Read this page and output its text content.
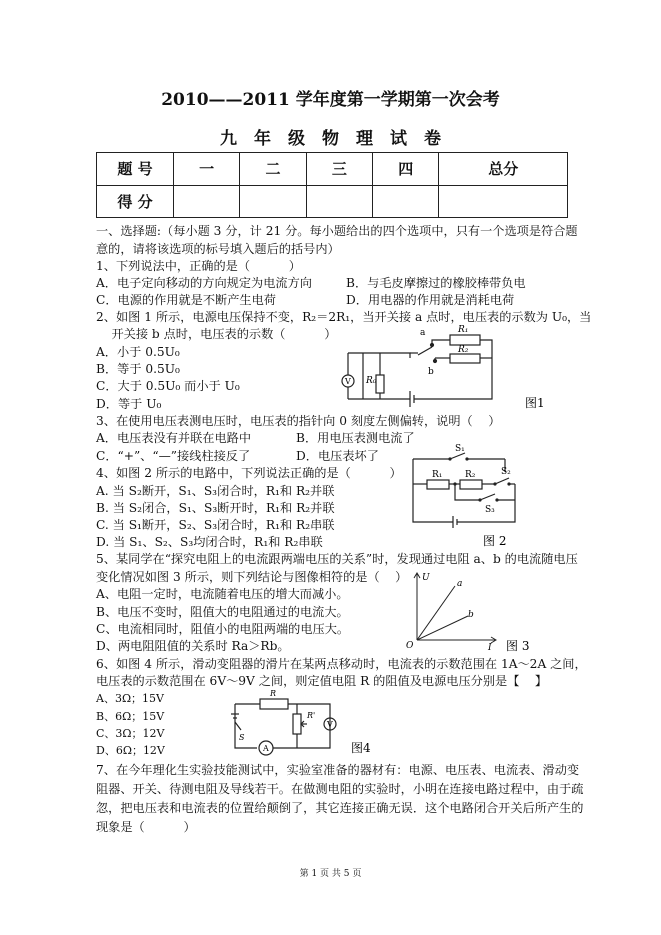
2010——2011 学年度第一学期第一次会考
九年级物理试卷
题 号	一	二	三	四	总分
得 分					
一、选择题:（每小题 3 分，计 21 分。每小题给出的四个选项中，只有一个选项是符合题
意的，请将该选项的标号填入题后的括号内）
1、下列说法中，正确的是（          ）
A．电子定向移动的方向规定为电流方向	B．与毛皮摩擦过的橡胶棒带负电
C．电源的作用就是不断产生电荷	D．用电器的作用就是消耗电荷
2、如图 1 所示，电源电压保持不变，R₂＝2R₁，当开关接 a 点时，电压表的示数为 U₀，当
开关接 b 点时，电压表的示数（          ）
A．小于 0.5U₀
B．等于 0.5U₀
C．大于 0.5U₀ 而小于 U₀
D．等于 U₀
3、在使用电压表测电压时，电压表的指针向 0 刻度左侧偏转，说明（    ）
A．电压表没有并联在电路中	B．用电压表测电流了
C．“+”、“—”接线柱接反了	D．电压表坏了
4、如图 2 所示的电路中，下列说法正确的是（          ）
A. 当 S₂断开，S₁、S₃闭合时，R₁和 R₂并联
B. 当 S₂闭合，S₁、S₃断开时，R₁和 R₂并联
C. 当 S₁断开，S₂、S₃闭合时，R₁和 R₂串联
D. 当 S₁、S₂、S₃均闭合时，R₁和 R₂串联
5、某同学在“探究电阻上的电流跟两端电压的关系”时，发现通过电阻 a、b 的电流随电压
变化情况如图 3 所示，则下列结论与图像相符的是（    ）
A、电阻一定时，电流随着电压的增大而减小。
B、电压不变时，阻值大的电阻通过的电流大。
C、电流相同时，阻值小的电阻两端的电压大。
D、两电阻阻值的关系时 Ra＞Rb。
6、如图 4 所示，滑动变阻器的滑片在某两点移动时，电流表的示数范围在 1A～2A 之间，
电压表的示数范围在 6V～9V 之间，则定值电阻 R 的阻值及电源电压分别是【    】
A、3Ω；15V
B、6Ω；15V
C、3Ω；12V
D、6Ω；12V
7、在今年理化生实验技能测试中，实验室准备的器材有：电源、电压表、电流表、滑动变
阻器、开关、待测电阻及导线若干。在做测电阻的实验时，小明在连接电路过程中，由于疏
忽，把电压表和电流表的位置给颠倒了，其它连接正确无误．这个电路闭合开关后所产生的
现象是（          ）
a	R₁
R₂
b
V R₀
图1
S₁
R₁	R₂	S₂
S₃
图 2
U
a
b
O	I 图 3
R
R'
V
S
A	图4
第 1 页 共 5 页
